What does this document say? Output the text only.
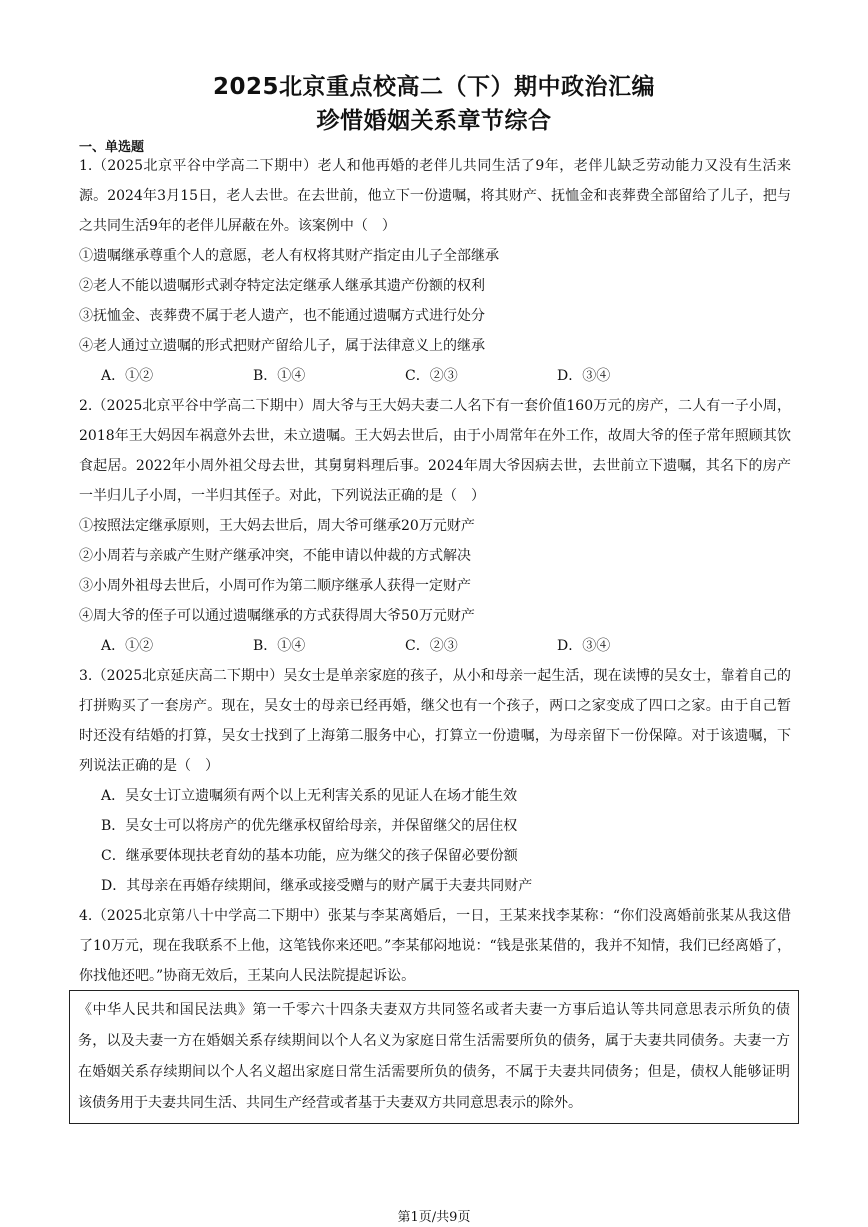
2025北京重点校高二（下）期中政治汇编
珍惜婚姻关系章节综合
一、单选题
1.（2025北京平谷中学高二下期中）老人和他再婚的老伴儿共同生活了9年，老伴儿缺乏劳动能力又没有生活来源。2024年3月15日，老人去世。在去世前，他立下一份遗嘱，将其财产、抚恤金和丧葬费全部留给了儿子，把与之共同生活9年的老伴儿屏蔽在外。该案例中（　）
①遗嘱继承尊重个人的意愿，老人有权将其财产指定由儿子全部继承
②老人不能以遗嘱形式剥夺特定法定继承人继承其遗产份额的权利
③抚恤金、丧葬费不属于老人遗产，也不能通过遗嘱方式进行处分
④老人通过立遗嘱的形式把财产留给儿子，属于法律意义上的继承
A．①②	B．①④	C．②③	D．③④
2.（2025北京平谷中学高二下期中）周大爷与王大妈夫妻二人名下有一套价值160万元的房产，二人有一子小周，2018年王大妈因车祸意外去世，未立遗嘱。王大妈去世后，由于小周常年在外工作，故周大爷的侄子常年照顾其饮食起居。2022年小周外祖父母去世，其舅舅料理后事。2024年周大爷因病去世，去世前立下遗嘱，其名下的房产一半归儿子小周，一半归其侄子。对此，下列说法正确的是（　）
①按照法定继承原则，王大妈去世后，周大爷可继承20万元财产
②小周若与亲戚产生财产继承冲突，不能申请以仲裁的方式解决
③小周外祖母去世后，小周可作为第二顺序继承人获得一定财产
④周大爷的侄子可以通过遗嘱继承的方式获得周大爷50万元财产
A．①②	B．①④	C．②③	D．③④
3.（2025北京延庆高二下期中）吴女士是单亲家庭的孩子，从小和母亲一起生活，现在读博的吴女士，靠着自己的打拼购买了一套房产。现在，吴女士的母亲已经再婚，继父也有一个孩子，两口之家变成了四口之家。由于自己暂时还没有结婚的打算，吴女士找到了上海第二服务中心，打算立一份遗嘱，为母亲留下一份保障。对于该遗嘱，下列说法正确的是（　）
A．吴女士订立遗嘱须有两个以上无利害关系的见证人在场才能生效
B．吴女士可以将房产的优先继承权留给母亲，并保留继父的居住权
C．继承要体现扶老育幼的基本功能，应为继父的孩子保留必要份额
D．其母亲在再婚存续期间，继承或接受赠与的财产属于夫妻共同财产
4.（2025北京第八十中学高二下期中）张某与李某离婚后，一日，王某来找李某称：“你们没离婚前张某从我这借了10万元，现在我联系不上他，这笔钱你来还吧。”李某郁闷地说：“钱是张某借的，我并不知情，我们已经离婚了，你找他还吧。”协商无效后，王某向人民法院提起诉讼。
《中华人民共和国民法典》第一千零六十四条夫妻双方共同签名或者夫妻一方事后追认等共同意思表示所负的债务，以及夫妻一方在婚姻关系存续期间以个人名义为家庭日常生活需要所负的债务，属于夫妻共同债务。夫妻一方在婚姻关系存续期间以个人名义超出家庭日常生活需要所负的债务，不属于夫妻共同债务；但是，债权人能够证明该债务用于夫妻共同生活、共同生产经营或者基于夫妻双方共同意思表示的除外。
第1页/共9页
